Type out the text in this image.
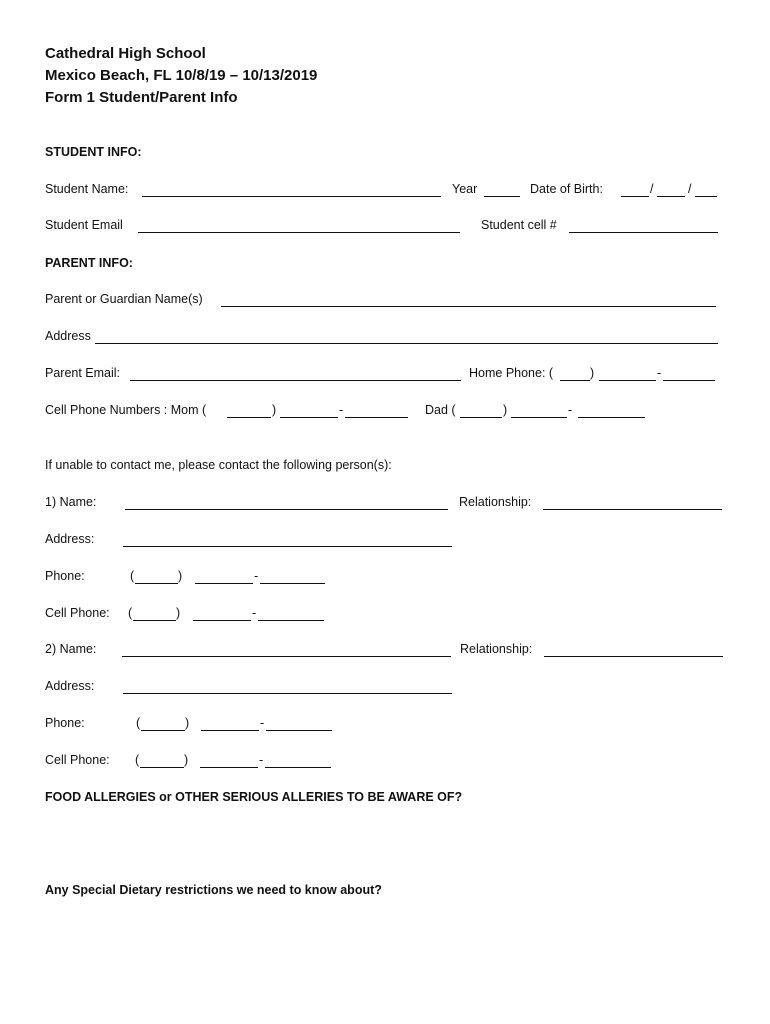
Cathedral High School
Mexico Beach, FL 10/8/19 – 10/13/2019
Form 1 Student/Parent Info
STUDENT INFO:
Student Name:	Year	Date of Birth:	/	/
Student Email	Student cell #
PARENT INFO:
Parent or Guardian Name(s)
Address
Parent Email:	Home Phone: (	)	-
Cell Phone Numbers : Mom (	)	-	Dad (	)	-
If unable to contact me, please contact the following person(s):
1) Name:	Relationship:
Address:
Phone:	(	)	-
Cell Phone: (	)	-
2) Name:	Relationship:
Address:
Phone:	(	)	-
Cell Phone: (	)	-
FOOD ALLERGIES or OTHER SERIOUS ALLERIES TO BE AWARE OF?
Any Special Dietary restrictions we need to know about?
